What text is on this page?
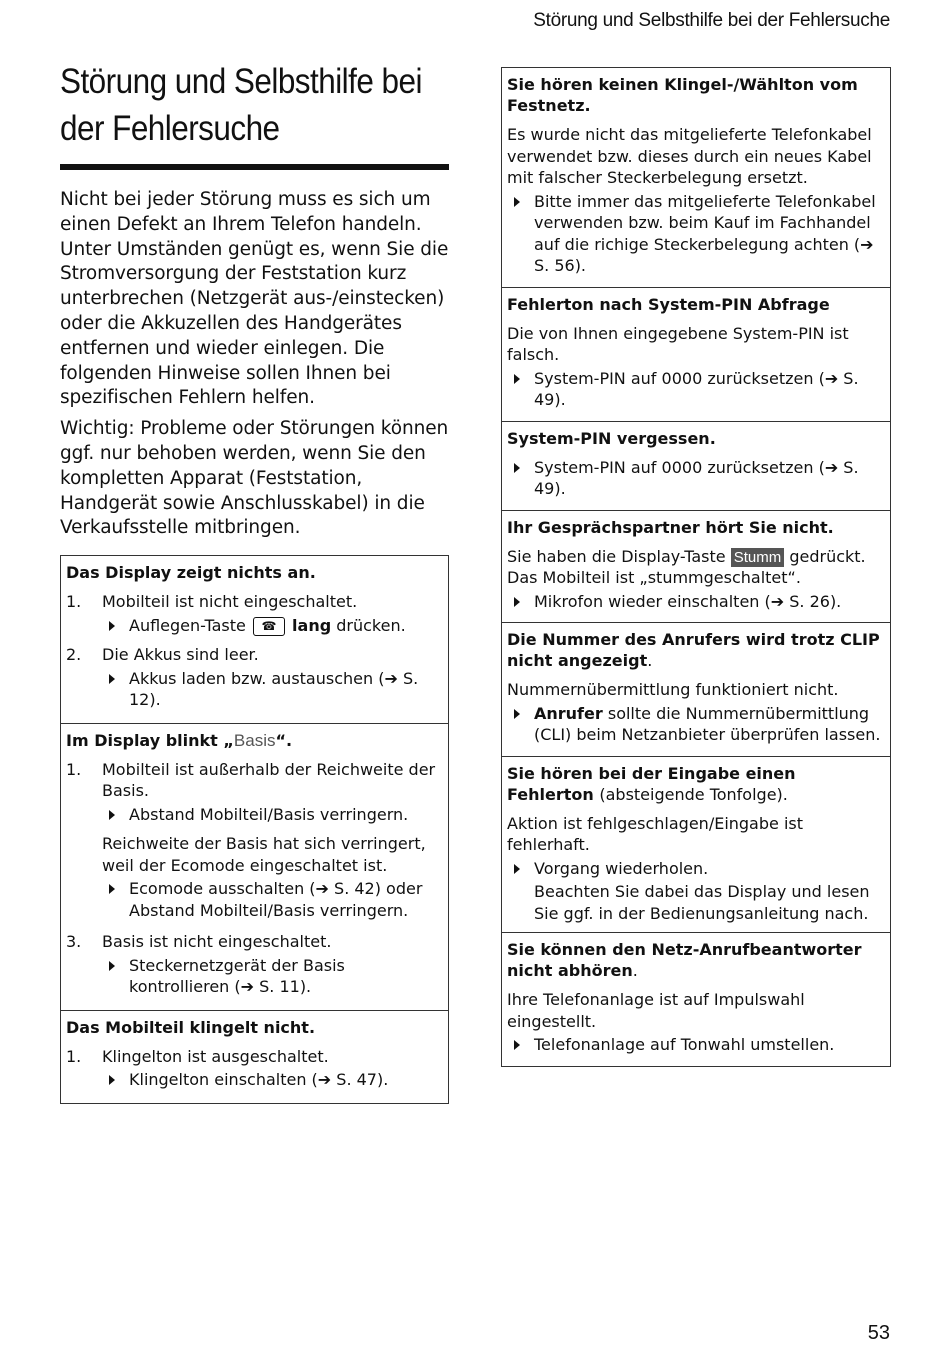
Störung und Selbsthilfe bei der Fehlersuche
Störung und Selbsthilfe bei der Fehlersuche

Nicht bei jeder Störung muss es sich um einen Defekt an Ihrem Telefon handeln. Unter Umständen genügt es, wenn Sie die Stromversorgung der Feststation kurz unterbrechen (Netzgerät aus-/einstecken) oder die Akkuzellen des Handgerätes entfernen und wieder einlegen. Die folgenden Hinweise sollen Ihnen bei spezifischen Fehlern helfen.

Wichtig: Probleme oder Störungen können ggf. nur behoben werden, wenn Sie den kompletten Apparat (Feststation, Handgerät sowie Anschlusskabel) in die Verkaufsstelle mitbringen.

Das Display zeigt nichts an.
1. Mobilteil ist nicht eingeschaltet.
Auflegen-Taste ☎ lang drücken.
2. Die Akkus sind leer.
Akkus laden bzw. austauschen (➔ S. 12).
Im Display blinkt „Basis“.
1. Mobilteil ist außerhalb der Reichweite der Basis.
Abstand Mobilteil/Basis verringern.
Reichweite der Basis hat sich verringert, weil der Ecomode eingeschaltet ist.
Ecomode ausschalten (➔ S. 42) oder Abstand Mobilteil/Basis verringern.
3. Basis ist nicht eingeschaltet.
Steckernetzgerät der Basis kontrollieren (➔ S. 11).
Das Mobilteil klingelt nicht.
1. Klingelton ist ausgeschaltet.
Klingelton einschalten (➔ S. 47).
Sie hören keinen Klingel-/Wählton vom Festnetz.
Es wurde nicht das mitgelieferte Telefonkabel verwendet bzw. dieses durch ein neues Kabel mit falscher Steckerbelegung ersetzt.
Bitte immer das mitgelieferte Telefonkabel verwenden bzw. beim Kauf im Fachhandel auf die richige Steckerbelegung achten (➔ S. 56).
Fehlerton nach System-PIN Abfrage
Die von Ihnen eingegebene System-PIN ist falsch.
System-PIN auf 0000 zurücksetzen (➔ S. 49).
System-PIN vergessen.
System-PIN auf 0000 zurücksetzen (➔ S. 49).
Ihr Gesprächspartner hört Sie nicht.
Sie haben die Display-Taste Stumm gedrückt. Das Mobilteil ist „stummgeschaltet“.
Mikrofon wieder einschalten (➔ S. 26).
Die Nummer des Anrufers wird trotz CLIP nicht angezeigt.
Nummernübermittlung funktioniert nicht.
Anrufer sollte die Nummernübermittlung (CLI) beim Netzanbieter überprüfen lassen.
Sie hören bei der Eingabe einen Fehlerton (absteigende Tonfolge).
Aktion ist fehlgeschlagen/Eingabe ist fehlerhaft.
Vorgang wiederholen.
Beachten Sie dabei das Display und lesen Sie ggf. in der Bedienungsanleitung nach.
Sie können den Netz-Anrufbeantworter nicht abhören.
Ihre Telefonanlage ist auf Impulswahl eingestellt.
Telefonanlage auf Tonwahl umstellen.
53
